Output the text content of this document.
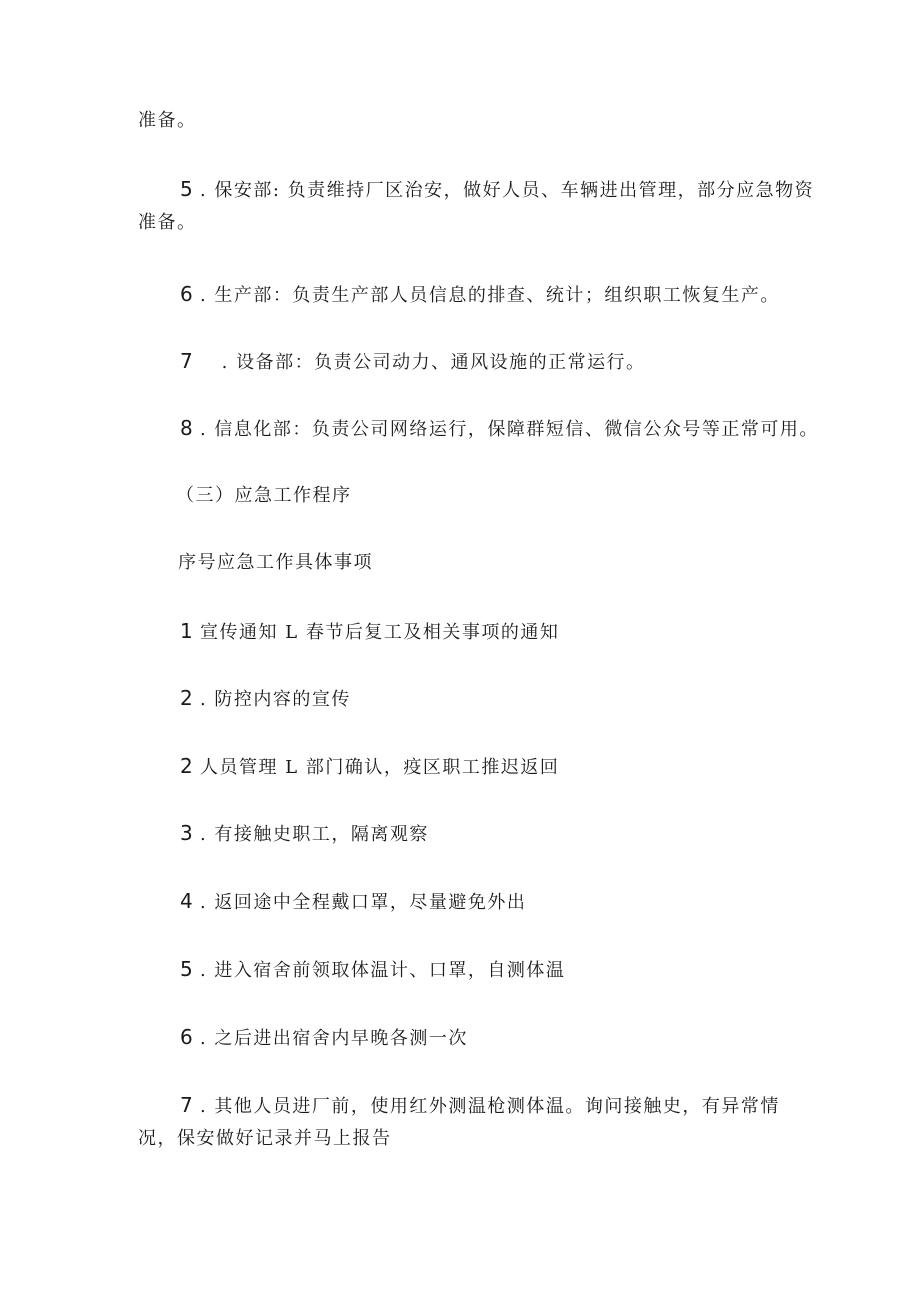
准备。
5 . 保安部: 负责维持厂区治安，做好人员、车辆进出管理，部分应急物资
准备。
6 . 生产部：负责生产部人员信息的排查、统计；组织职工恢复生产。
7    . 设备部：负责公司动力、通风设施的正常运行。
8 . 信息化部：负责公司网络运行，保障群短信、微信公众号等正常可用。
（三）应急工作程序
序号应急工作具体事项
1 宣传通知 L 春节后复工及相关事项的通知
2 . 防控内容的宣传
2 人员管理 L 部门确认，疫区职工推迟返回
3 . 有接触史职工，隔离观察
4 . 返回途中全程戴口罩，尽量避免外出
5 . 进入宿舍前领取体温计、口罩，自测体温
6 . 之后进出宿舍内早晚各测一次
7 . 其他人员进厂前，使用红外测温枪测体温。询问接触史，有异常情
况，保安做好记录并马上报告
